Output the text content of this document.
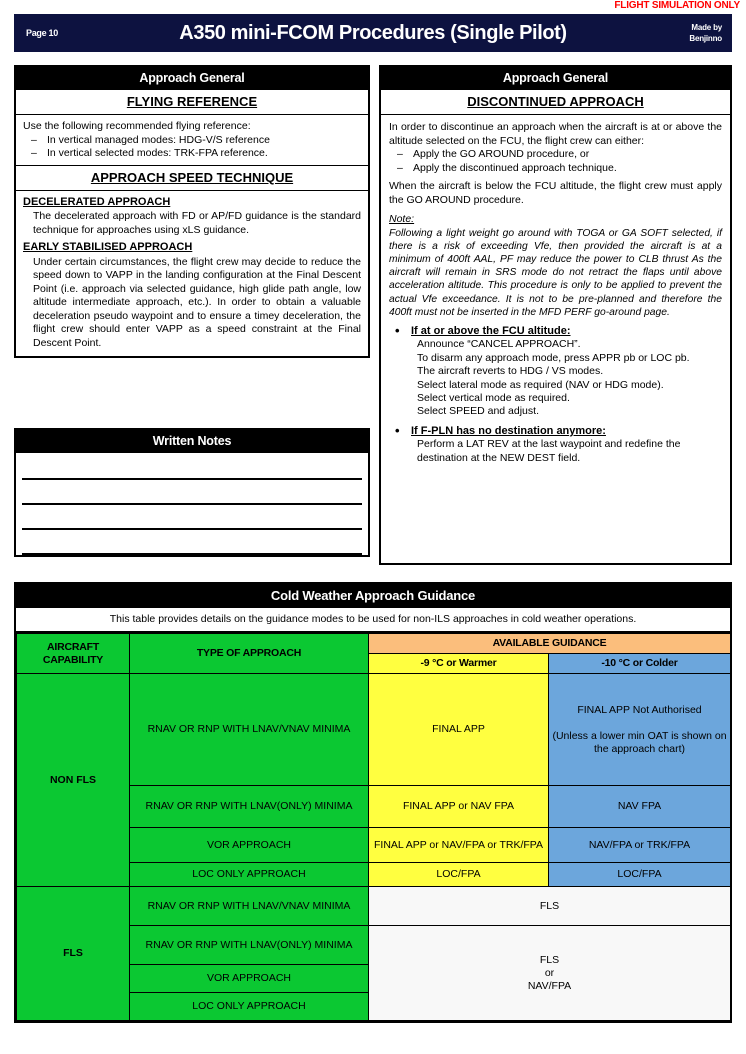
FLIGHT SIMULATION ONLY
Page 10	A350 mini-FCOM Procedures (Single Pilot)	Made by
Benjinno
Approach General
FLYING REFERENCE
Use the following recommended flying reference:
– In vertical managed modes: HDG-V/S reference
– In vertical selected modes: TRK-FPA reference.
APPROACH SPEED TECHNIQUE
DECELERATED APPROACH
The decelerated approach with FD or AP/FD guidance is the standard technique for approaches using xLS guidance.
EARLY STABILISED APPROACH
Under certain circumstances, the flight crew may decide to reduce the speed down to VAPP in the landing configuration at the Final Descent Point (i.e. approach via selected guidance, high glide path angle, low altitude intermediate approach, etc.). In order to obtain a valuable deceleration pseudo waypoint and to ensure a timey deceleration, the flight crew should enter VAPP as a speed constraint at the Final Descent Point.
Approach General
DISCONTINUED APPROACH
In order to discontinue an approach when the aircraft is at or above the altitude selected on the FCU, the flight crew can either:
– Apply the GO AROUND procedure, or
– Apply the discontinued approach technique.
When the aircraft is below the FCU altitude, the flight crew must apply the GO AROUND procedure.
Note:
Following a light weight go around with TOGA or GA SOFT selected, if there is a risk of exceeding Vfe, then provided the aircraft is at a minimum of 400ft AAL, PF may reduce the power to CLB thrust As the aircraft will remain in SRS mode do not retract the flaps until above acceleration altitude. This procedure is only to be applied to prevent the actual Vfe exceedance. It is not to be pre-planned and therefore the 400ft must not be inserted in the MFD PERF go-around page.
• If at or above the FCU altitude:
Announce “CANCEL APPROACH”.
To disarm any approach mode, press APPR pb or LOC pb.
The aircraft reverts to HDG / VS modes.
Select lateral mode as required (NAV or HDG mode).
Select vertical mode as required.
Select SPEED and adjust.
• If F-PLN has no destination anymore:
Perform a LAT REV at the last waypoint and redefine the destination at the NEW DEST field.
Written Notes
Cold Weather Approach Guidance
This table provides details on the guidance modes to be used for non-ILS approaches in cold weather operations.
AIRCRAFT CAPABILITY	TYPE OF APPROACH	AVAILABLE GUIDANCE	
		-9 °C or Warmer	-10 °C or Colder
NON FLS	RNAV OR RNP WITH LNAV/VNAV MINIMA	FINAL APP	FINAL APP Not Authorised

(Unless a lower min OAT is shown on the approach chart)

	RNAV OR RNP WITH LNAV(ONLY) MINIMA	FINAL APP or NAV FPA	NAV FPA
	VOR APPROACH	FINAL APP or NAV/FPA or TRK/FPA	NAV/FPA or TRK/FPA
	LOC ONLY APPROACH	LOC/FPA	LOC/FPA
FLS	RNAV OR RNP WITH LNAV/VNAV MINIMA	FLS	
	RNAV OR RNP WITH LNAV(ONLY) MINIMA	FLS
or
NAV/FPA	

	VOR APPROACH		
	LOC ONLY APPROACH		
